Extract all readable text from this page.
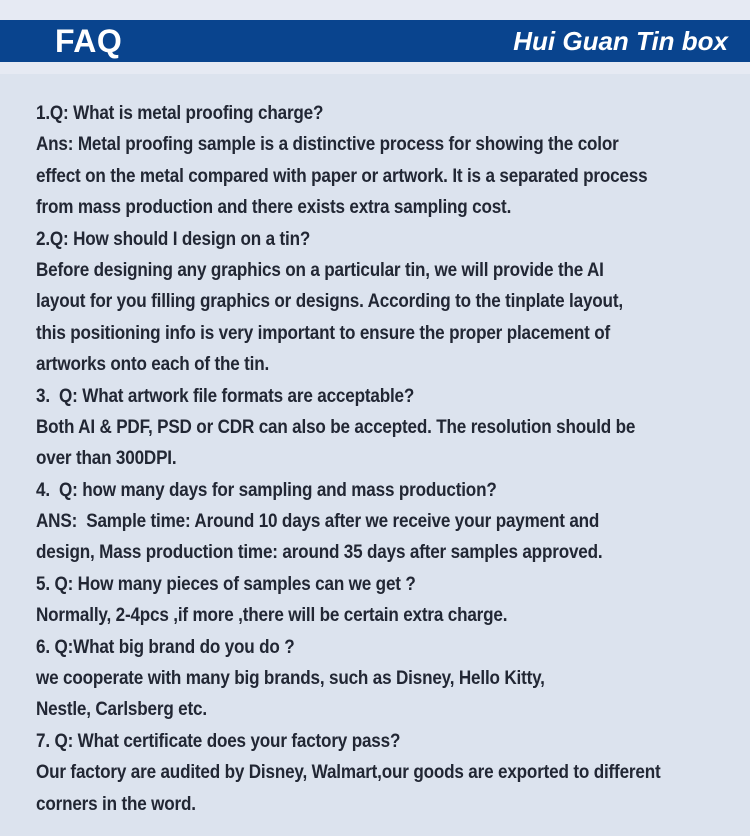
FAQ	Hui Guan Tin box
1.Q: What is metal proofing charge?
Ans: Metal proofing sample is a distinctive process for showing the color
effect on the metal compared with paper or artwork. It is a separated process
from mass production and there exists extra sampling cost.
2.Q: How should I design on a tin?
Before designing any graphics on a particular tin, we will provide the AI
layout for you filling graphics or designs. According to the tinplate layout,
this positioning info is very important to ensure the proper placement of
artworks onto each of the tin.
3.  Q: What artwork file formats are acceptable?
Both AI & PDF, PSD or CDR can also be accepted. The resolution should be
over than 300DPI.
4.  Q: how many days for sampling and mass production?
ANS:  Sample time: Around 10 days after we receive your payment and
design, Mass production time: around 35 days after samples approved.
5. Q: How many pieces of samples can we get ?
Normally, 2-4pcs ,if more ,there will be certain extra charge.
6. Q:What big brand do you do ?
we cooperate with many big brands, such as Disney, Hello Kitty,
Nestle, Carlsberg etc.
7. Q: What certificate does your factory pass?
Our factory are audited by Disney, Walmart,our goods are exported to different
corners in the word.
